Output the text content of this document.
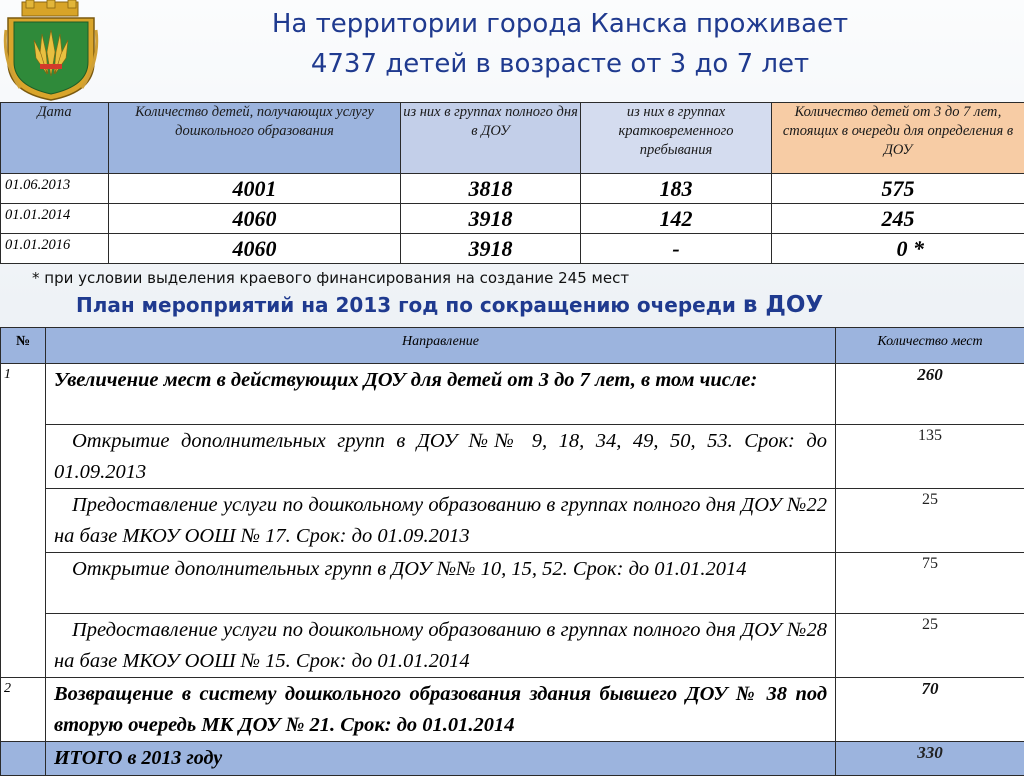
На территории города Канска проживает
4737 детей в возрасте от 3 до 7 лет
Дата	Количество детей, получающих услугу дошкольного образования	из них в группах полного дня в ДОУ	из них в группах кратковременного пребывания	Количество детей от 3 до 7 лет, стоящих в очереди для определения в ДОУ
01.06.2013	4001	3818	183	575
01.01.2014	4060	3918	142	245
01.01.2016	4060	3918	-	0 *
* при условии выделения краевого финансирования на создание 245 мест
План мероприятий на 2013 год по сокращению очереди в ДОУ
№	Направление	Количество мест
1	Увеличение мест в действующих ДОУ для детей от 3 до 7 лет, в том числе:	260
	Открытие дополнительных групп в ДОУ №№ 9, 18, 34, 49, 50, 53. Срок: до 01.09.2013	135
	Предоставление услуги по дошкольному образованию в группах полного дня ДОУ №22 на базе МКОУ ООШ № 17. Срок: до 01.09.2013	25
	Открытие дополнительных групп в ДОУ №№ 10, 15, 52. Срок: до 01.01.2014	75
	Предоставление услуги по дошкольному образованию в группах полного дня ДОУ №28 на базе МКОУ ООШ № 15. Срок: до 01.01.2014	25
2	Возвращение в систему дошкольного образования здания бывшего ДОУ № 38 под вторую очередь МК ДОУ № 21. Срок: до 01.01.2014	70
	ИТОГО в 2013 году	330
